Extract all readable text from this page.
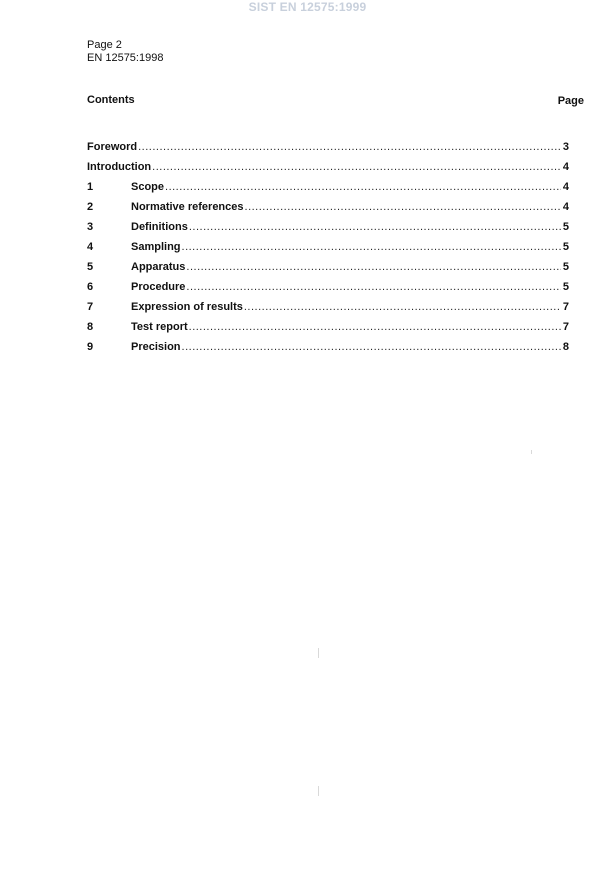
SIST EN 12575:1999
Page 2
EN 12575:1998
Contents	Page
Foreword .....	3
Introduction .....	4
1	Scope .....	4
2	Normative references .....	4
3	Definitions .....	5
4	Sampling .....	5
5	Apparatus .....	5
6	Procedure .....	5
7	Expression of results .....	7
8	Test report .....	7
9	Precision .....	8
